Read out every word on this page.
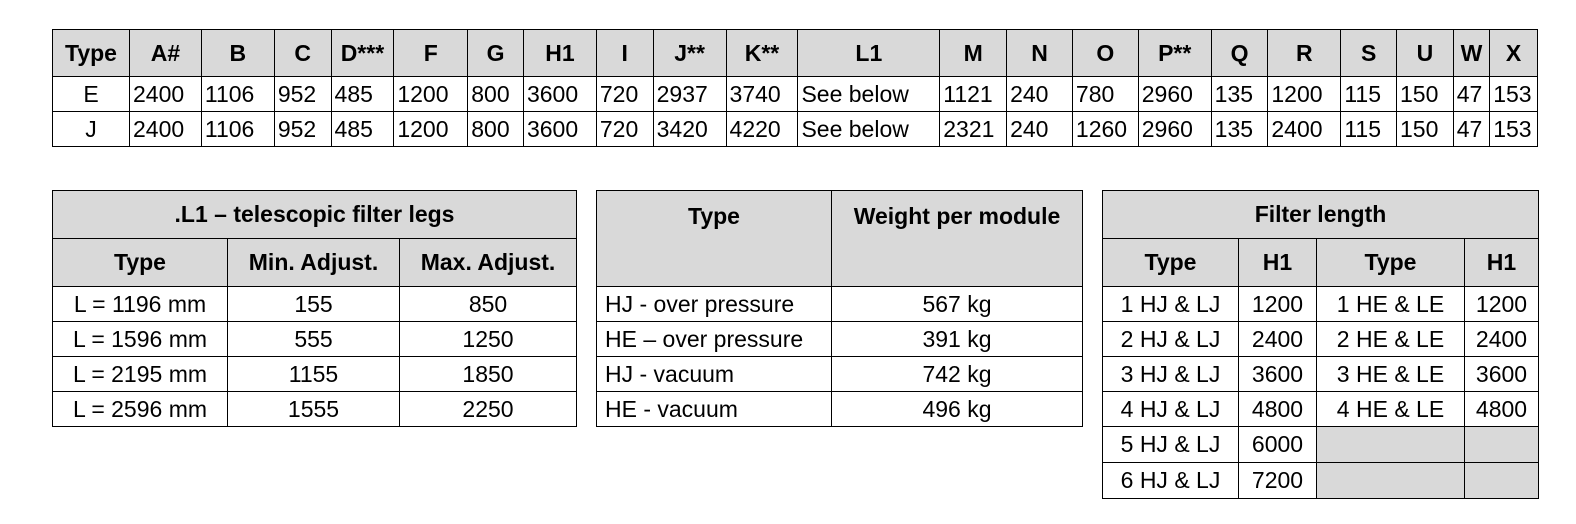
Type	A#	B	C	D***	F	G	H1	I	J**	K**	L1	M	N	O	P**	Q	R	S	U	W	X
E	2400	1106	952	485	1200	800	3600	720	2937	3740	See below	1121	240	780	2960	135	1200	115	150	47	153
J	2400	1106	952	485	1200	800	3600	720	3420	4220	See below	2321	240	1260	2960	135	2400	115	150	47	153
.L1 – telescopic filter legs		
Type	Min. Adjust.	Max. Adjust.
L = 1196 mm	155	850
L = 1596 mm	555	1250
L = 2195 mm	1155	1850
L = 2596 mm	1555	2250
Type	Weight per module
HJ - over pressure	567 kg
HE – over pressure	391 kg
HJ - vacuum	742 kg
HE - vacuum	496 kg
Filter length			
Type	H1	Type	H1
1 HJ & LJ	1200	1 HE & LE	1200
2 HJ & LJ	2400	2 HE & LE	2400
3 HJ & LJ	3600	3 HE & LE	3600
4 HJ & LJ	4800	4 HE & LE	4800
5 HJ & LJ	6000		
6 HJ & LJ	7200		
